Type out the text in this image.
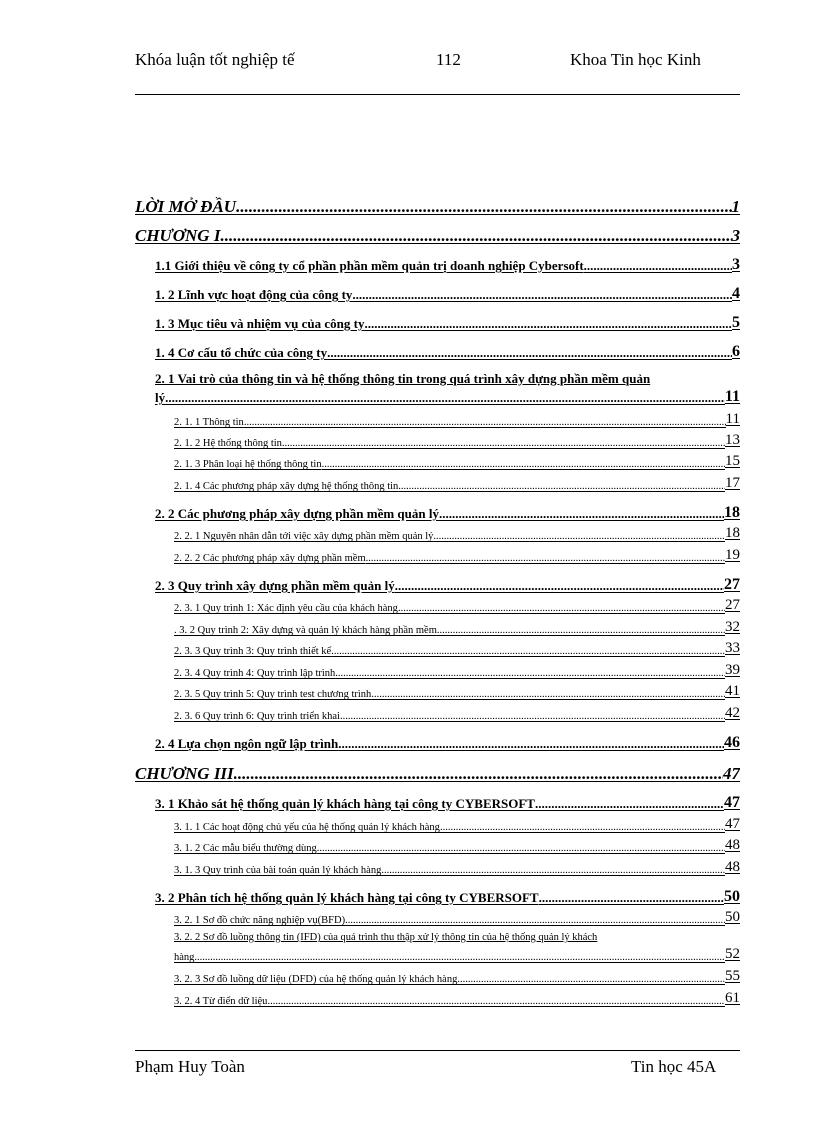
Khóa luận tốt nghiệp tế	112	Khoa Tin học Kinh
LỜI MỞ ĐẦU .....	1
CHƯƠNG I .....	3
1.1 Giới thiệu về công ty cổ phần phần mềm quản trị doanh nghiệp Cybersoft .....	3
1. 2 Lĩnh vực hoạt động của công ty .....	4
1. 3 Mục tiêu và nhiệm vụ của công ty .....	5
1. 4 Cơ cấu tổ chức của công ty .....	6
2. 1 Vai trò của thông tin và hệ thống thông tin trong quá trình xây dựng phần mềm quản
lý .....	11
2. 1. 1 Thông tin .....	11
2. 1. 2 Hệ thống thông tin .....	13
2. 1. 3 Phân loại hệ thống thông tin .....	15
2. 1. 4 Các phương pháp xây dựng hệ thống thông tin .....	17
2. 2 Các phương pháp xây dựng phần mềm quản lý .....	18
2. 2. 1 Nguyên nhân dẫn tới việc xây dựng phần mềm quản lý .....	18
2. 2. 2 Các phương pháp xây dựng phần mềm .....	19
2. 3 Quy trình xây dựng phần mềm quản lý .....	27
2. 3. 1 Quy trình 1: Xác định yêu cầu của khách hàng .....	27
. 3. 2 Quy trình 2: Xây dựng và quản lý khách hàng phần mềm .....	32
2. 3. 3 Quy trình 3: Quy trình thiết kế .....	33
2. 3. 4 Quy trình 4: Quy trình lập trình .....	39
2. 3. 5 Quy trình 5: Quy trình test chương trình .....	41
2. 3. 6 Quy trình 6: Quy trình triển khai .....	42
2. 4 Lựa chọn ngôn ngữ lập trình .....	46
CHƯƠNG III .....	47
3. 1 Khảo sát hệ thống quản lý khách hàng tại công ty CYBERSOFT .....	47
3. 1. 1 Các hoạt động chủ yếu của hệ thống quản lý khách hàng .....	47
3. 1. 2 Các mẫu biểu thường dùng .....	48
3. 1. 3 Quy trình của bài toán quản lý khách hàng .....	48
3. 2 Phân tích hệ thống quản lý khách hàng tại công ty CYBERSOFT .....	50
3. 2. 1 Sơ đồ chức năng nghiệp vụ(BFD) .....	50
3. 2. 2 Sơ đồ luồng thông tin (IFD) của quá trình thu thập xử lý thông tin của hệ thống quản lý khách
hàng .....	52
3. 2. 3 Sơ đồ luồng dữ liệu (DFD) của hệ thống quản lý khách hàng .....	55
3. 2. 4 Từ điển dữ liệu .....	61
Phạm Huy Toàn	Tin học 45A
